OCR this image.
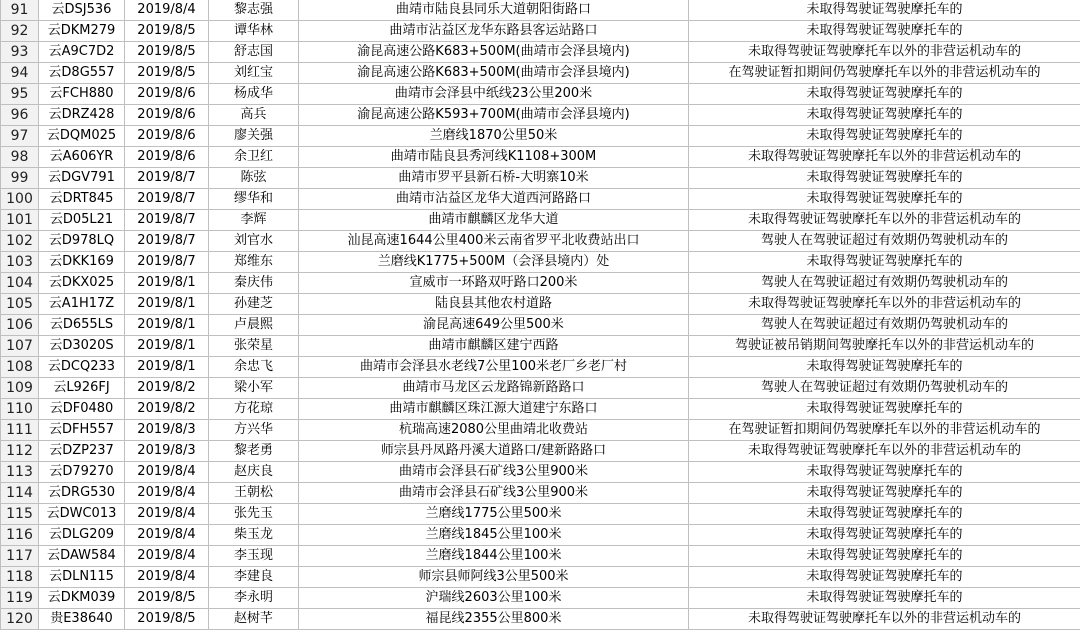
91	云DSJ536	2019/8/4	黎志强	曲靖市陆良县同乐大道朝阳街路口	未取得驾驶证驾驶摩托车的
92	云DKM279	2019/8/5	谭华林	曲靖市沾益区龙华东路县客运站路口	未取得驾驶证驾驶摩托车的
93	云A9C7D2	2019/8/5	舒志国	渝昆高速公路K683+500M(曲靖市会泽县境内)	未取得驾驶证驾驶摩托车以外的非营运机动车的
94	云D8G557	2019/8/5	刘红宝	渝昆高速公路K683+500M(曲靖市会泽县境内)	在驾驶证暂扣期间仍驾驶摩托车以外的非营运机动车的
95	云FCH880	2019/8/6	杨成华	曲靖市会泽县中纸线23公里200米	未取得驾驶证驾驶摩托车的
96	云DRZ428	2019/8/6	高兵	渝昆高速公路K593+700M(曲靖市会泽县境内)	未取得驾驶证驾驶摩托车的
97	云DQM025	2019/8/6	廖关强	兰磨线1870公里50米	未取得驾驶证驾驶摩托车的
98	云A606YR	2019/8/6	余卫红	曲靖市陆良县秀河线K1108+300M	未取得驾驶证驾驶摩托车以外的非营运机动车的
99	云DGV791	2019/8/7	陈弦	曲靖市罗平县新石桥-大明寨10米	未取得驾驶证驾驶摩托车的
100	云DRT845	2019/8/7	缪华和	曲靖市沾益区龙华大道西河路路口	未取得驾驶证驾驶摩托车的
101	云D05L21	2019/8/7	李辉	曲靖市麒麟区龙华大道	未取得驾驶证驾驶摩托车以外的非营运机动车的
102	云D978LQ	2019/8/7	刘官水	汕昆高速1644公里400米云南省罗平北收费站出口	驾驶人在驾驶证超过有效期仍驾驶机动车的
103	云DKK169	2019/8/7	郑维东	兰磨线K1775+500M（会泽县境内）处	未取得驾驶证驾驶摩托车的
104	云DKX025	2019/8/1	秦庆伟	宣威市一环路双吁路口200米	驾驶人在驾驶证超过有效期仍驾驶机动车的
105	云A1H17Z	2019/8/1	孙建芝	陆良县其他农村道路	未取得驾驶证驾驶摩托车以外的非营运机动车的
106	云D655LS	2019/8/1	卢晨熙	渝昆高速649公里500米	驾驶人在驾驶证超过有效期仍驾驶机动车的
107	云D3020S	2019/8/1	张荣星	曲靖市麒麟区建宁西路	驾驶证被吊销期间驾驶摩托车以外的非营运机动车的
108	云DCQ233	2019/8/1	余忠飞	曲靖市会泽县水老线7公里100米老厂乡老厂村	未取得驾驶证驾驶摩托车的
109	云L926FJ	2019/8/2	梁小军	曲靖市马龙区云龙路锦新路路口	驾驶人在驾驶证超过有效期仍驾驶机动车的
110	云DF0480	2019/8/2	方花琼	曲靖市麒麟区珠江源大道建宁东路口	未取得驾驶证驾驶摩托车的
111	云DFH557	2019/8/3	方兴华	杭瑞高速2080公里曲靖北收费站	在驾驶证暂扣期间仍驾驶摩托车以外的非营运机动车的
112	云DZP237	2019/8/3	黎老勇	师宗县丹凤路丹溪大道路口/建新路路口	未取得驾驶证驾驶摩托车以外的非营运机动车的
113	云D79270	2019/8/4	赵庆良	曲靖市会泽县石矿线3公里900米	未取得驾驶证驾驶摩托车的
114	云DRG530	2019/8/4	王朝松	曲靖市会泽县石矿线3公里900米	未取得驾驶证驾驶摩托车的
115	云DWC013	2019/8/4	张先玉	兰磨线1775公里500米	未取得驾驶证驾驶摩托车的
116	云DLG209	2019/8/4	柴玉龙	兰磨线1845公里100米	未取得驾驶证驾驶摩托车的
117	云DAW584	2019/8/4	李玉现	兰磨线1844公里100米	未取得驾驶证驾驶摩托车的
118	云DLN115	2019/8/4	李建良	师宗县师阿线3公里500米	未取得驾驶证驾驶摩托车的
119	云DKM039	2019/8/5	李永明	沪瑞线2603公里100米	未取得驾驶证驾驶摩托车的
120	贵E38640	2019/8/5	赵树芊	福昆线2355公里800米	未取得驾驶证驾驶摩托车以外的非营运机动车的
